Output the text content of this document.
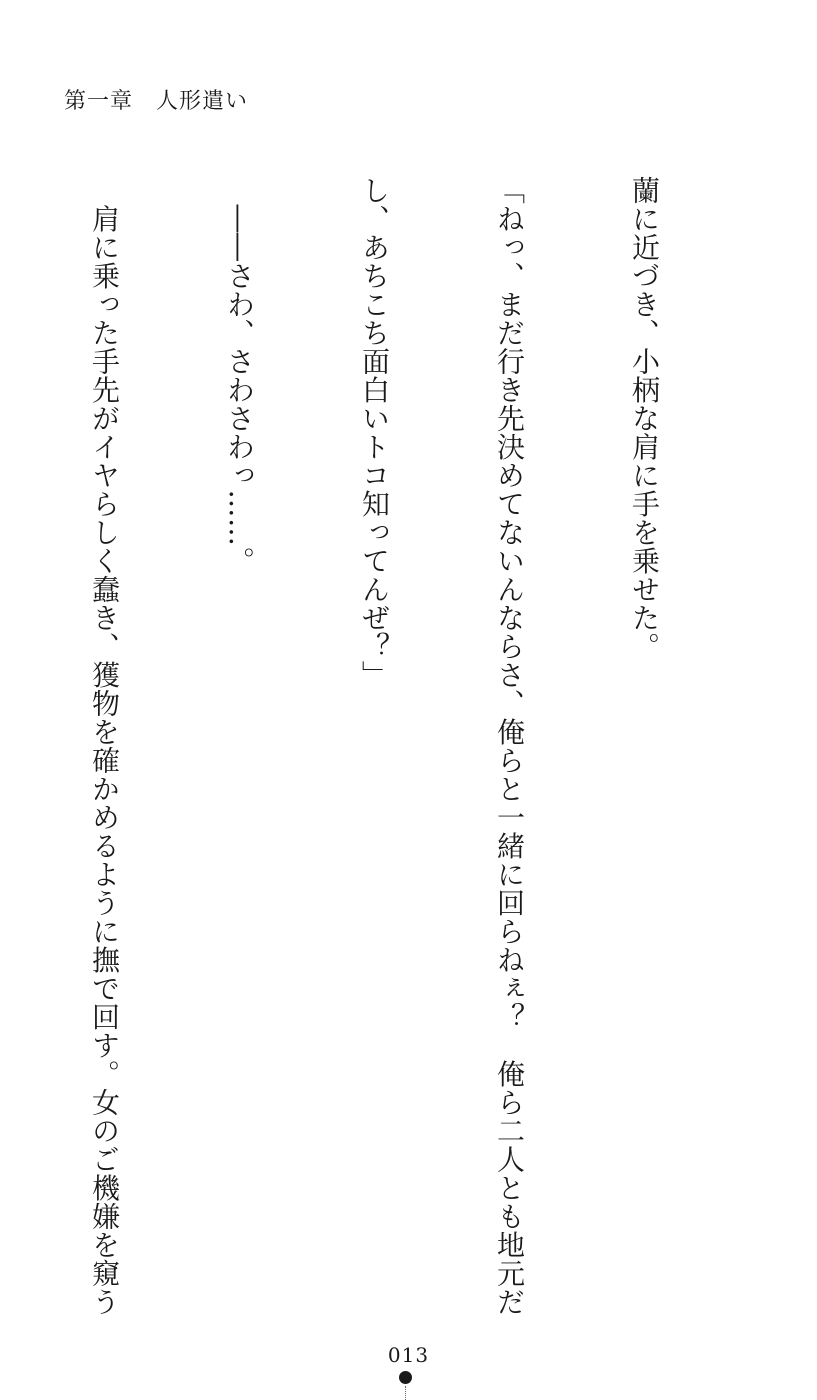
第一章　人形遣い

蘭に近づき、小柄な肩に手を乗せた。

「ねっ、まだ行き先決めてないんならさ、俺らと一緒に回らねぇ？　俺ら二人とも地元だ

し、あちこち面白いトコ知ってんぜ？」

　――さわ、さわさわっ……。

　肩に乗った手先がイヤらしく蠢き、獲物を確かめるように撫で回す。女のご機嫌を窺う

013
